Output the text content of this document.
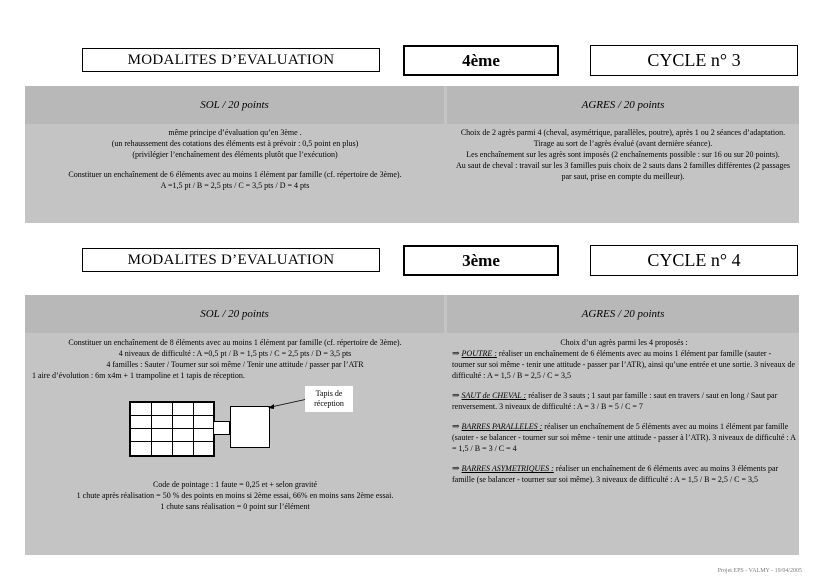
MODALITES D’EVALUATION	4ème	CYCLE n° 3
SOL / 20 points	AGRES / 20 points

même principe d’évaluation qu’en 3ème .

(un rehaussement des cotations des éléments est à prévoir : 0,5 point en plus)

(privilégier l’enchaînement des éléments plutôt que l’exécution)

Constituer un enchaînement de 6 éléments avec au moins 1 élément par famille (cf. répertoire de 3ème).

A =1,5 pt / B = 2,5 pts / C = 3,5 pts / D = 4 pts

Choix de 2 agrès parmi 4 (cheval, asymétrique, parallèles, poutre), après 1 ou 2 séances d’adaptation.

Tirage au sort de l’agrès évalué (avant dernière séance).

Les enchaînement sur les agrès sont imposés (2 enchaînements possible : sur 16 ou sur 20 points).

Au saut de cheval : travail sur les 3 familles puis choix de 2 sauts dans 2 familles différentes (2 passages par saut, prise en compte du meilleur).

MODALITES D’EVALUATION	3ème	CYCLE n° 4
SOL / 20 points	AGRES / 20 points

Constituer un enchaînement de 8 éléments avec au moins 1 élément par famille (cf. répertoire de 3ème).

4 niveaux de difficulté : A =0,5 pt / B = 1,5 pts / C = 2,5 pts / D = 3,5 pts

4 familles : Sauter / Tourner sur soi même / Tenir une attitude / passer par l’ATR

1 aire d’évolution : 6m x4m + 1 trampoline et 1 tapis de réception.

Tapis de réception

Code de pointage : 1 faute = 0,25 et + selon gravité

1 chute après réalisation = 50 % des points en moins si 2ème essai, 66% en moins sans 2ème essai.

1 chute sans réalisation = 0 point sur l’élément

Choix d’un agrès parmi les 4 proposés :

⇒ POUTRE : réaliser un enchaînement de 6 éléments avec au moins 1 élément par famille (sauter - tourner sur soi même - tenir une attitude - passer par l’ATR), ainsi qu’une entrée et une sortie. 3 niveaux de difficulté : A = 1,5 / B = 2,5 / C = 3,5

⇒ SAUT de CHEVAL : réaliser de 3 sauts ; 1 saut par famille : saut en travers / saut en long / Saut par renversement. 3 niveaux de difficulté : A = 3 / B = 5 / C = 7

⇒ BARRES PARALLELES : réaliser un enchaînement de 5 éléments avec au moins 1 élément par famille (sauter - se balancer - tourner sur soi même - tenir une attitude - passer à l’ATR). 3 niveaux de difficulté : A = 1,5 / B = 3 / C = 4

⇒ BARRES ASYMETRIQUES : réaliser un enchaînement de 6 éléments avec au moins 3 éléments par famille (se balancer - tourner sur soi même). 3 niveaux de difficulté : A = 1,5 / B = 2,5 / C = 3,5

Projet EPS - VALMY - 19/04/2005
